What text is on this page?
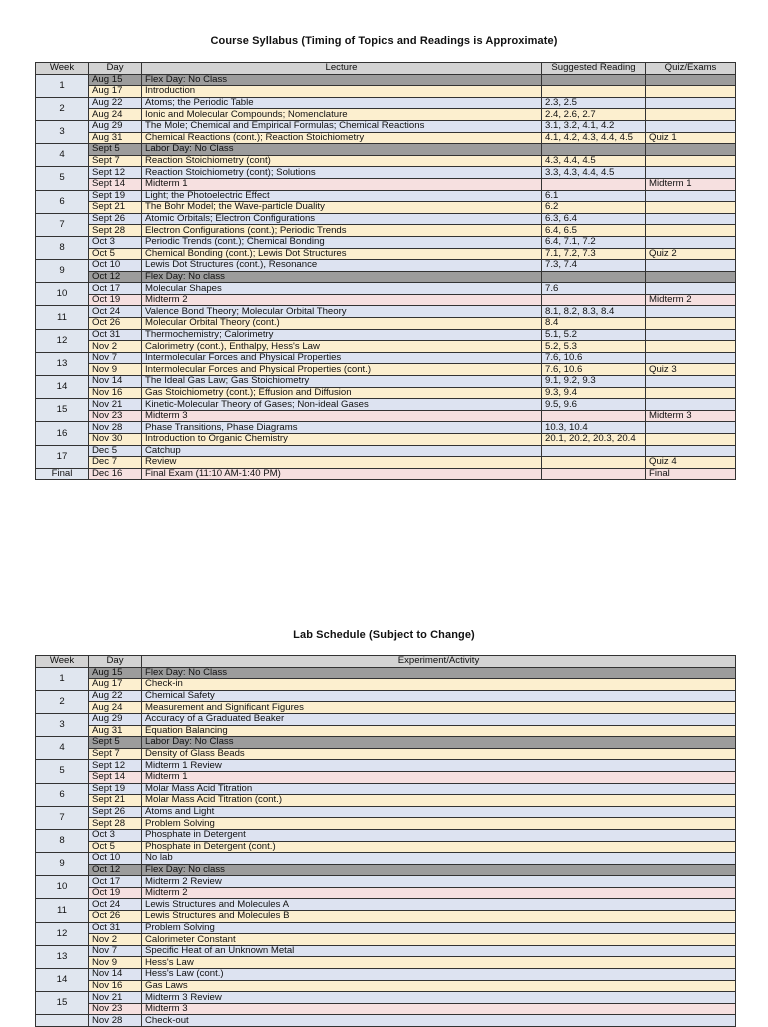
Course Syllabus (Timing of Topics and Readings is Approximate)
Week	Day	Lecture	Suggested Reading	Quiz/Exams
1	Aug 15	Flex Day: No Class		
	Aug 17	Introduction		
2	Aug 22	Atoms; the Periodic Table	2.3, 2.5	
	Aug 24	Ionic and Molecular Compounds; Nomenclature	2.4, 2.6, 2.7	
3	Aug 29	The Mole; Chemical and Empirical Formulas; Chemical Reactions	3.1, 3.2, 4.1, 4.2	
	Aug 31	Chemical Reactions (cont.); Reaction Stoichiometry	4.1, 4.2, 4.3, 4.4, 4.5	Quiz 1
4	Sept 5	Labor Day: No Class		
	Sept 7	Reaction Stoichiometry (cont)	4.3, 4.4, 4.5	
5	Sept 12	Reaction Stoichiometry (cont); Solutions	3.3, 4.3, 4.4, 4.5	
	Sept 14	Midterm 1		Midterm 1
6	Sept 19	Light; the Photoelectric Effect	6.1	
	Sept 21	The Bohr Model; the Wave-particle Duality	6.2	
7	Sept 26	Atomic Orbitals; Electron Configurations	6.3, 6.4	
	Sept 28	Electron Configurations (cont.); Periodic Trends	6.4, 6.5	
8	Oct 3	Periodic Trends (cont.); Chemical Bonding	6.4, 7.1, 7.2	
	Oct 5	Chemical Bonding (cont.); Lewis Dot Structures	7.1, 7.2, 7.3	Quiz 2
9	Oct 10	Lewis Dot Structures (cont.), Resonance	7.3, 7.4	
	Oct 12	Flex Day: No class		
10	Oct 17	Molecular Shapes	7.6	
	Oct 19	Midterm 2		Midterm 2
11	Oct 24	Valence Bond Theory; Molecular Orbital Theory	8.1, 8.2, 8.3, 8.4	
	Oct 26	Molecular Orbital Theory (cont.)	8.4	
12	Oct 31	Thermochemistry; Calorimetry	5.1, 5.2	
	Nov 2	Calorimetry (cont.), Enthalpy, Hess's Law	5.2, 5.3	
13	Nov 7	Intermolecular Forces and Physical Properties	7.6, 10.6	
	Nov 9	Intermolecular Forces and Physical Properties (cont.)	7.6, 10.6	Quiz 3
14	Nov 14	The Ideal Gas Law; Gas Stoichiometry	9.1, 9.2, 9.3	
	Nov 16	Gas Stoichiometry (cont.); Effusion and Diffusion	9.3, 9.4	
15	Nov 21	Kinetic-Molecular Theory of Gases; Non-ideal Gases	9.5, 9.6	
	Nov 23	Midterm 3		Midterm 3
16	Nov 28	Phase Transitions, Phase Diagrams	10.3, 10.4	
	Nov 30	Introduction to Organic Chemistry	20.1, 20.2, 20.3, 20.4	
17	Dec 5	Catchup		
	Dec 7	Review		Quiz 4
Final	Dec 16	Final Exam (11:10 AM-1:40 PM)		Final
Lab Schedule (Subject to Change)
Week	Day	Experiment/Activity
1	Aug 15	Flex Day: No Class
	Aug 17	Check-in
2	Aug 22	Chemical Safety
	Aug 24	Measurement and Significant Figures
3	Aug 29	Accuracy of a Graduated Beaker
	Aug 31	Equation Balancing
4	Sept 5	Labor Day: No Class
	Sept 7	Density of Glass Beads
5	Sept 12	Midterm 1 Review
	Sept 14	Midterm 1
6	Sept 19	Molar Mass Acid Titration
	Sept 21	Molar Mass Acid Titration (cont.)
7	Sept 26	Atoms and Light
	Sept 28	Problem Solving
8	Oct 3	Phosphate in Detergent
	Oct 5	Phosphate in Detergent (cont.)
9	Oct 10	No lab
	Oct 12	Flex Day: No class
10	Oct 17	Midterm 2 Review
	Oct 19	Midterm 2
11	Oct 24	Lewis Structures and Molecules A
	Oct 26	Lewis Structures and Molecules B
12	Oct 31	Problem Solving
	Nov 2	Calorimeter Constant
13	Nov 7	Specific Heat of an Unknown Metal
	Nov 9	Hess's Law
14	Nov 14	Hess's Law (cont.)
	Nov 16	Gas Laws
15	Nov 21	Midterm 3 Review
	Nov 23	Midterm 3
	Nov 28	Check-out
